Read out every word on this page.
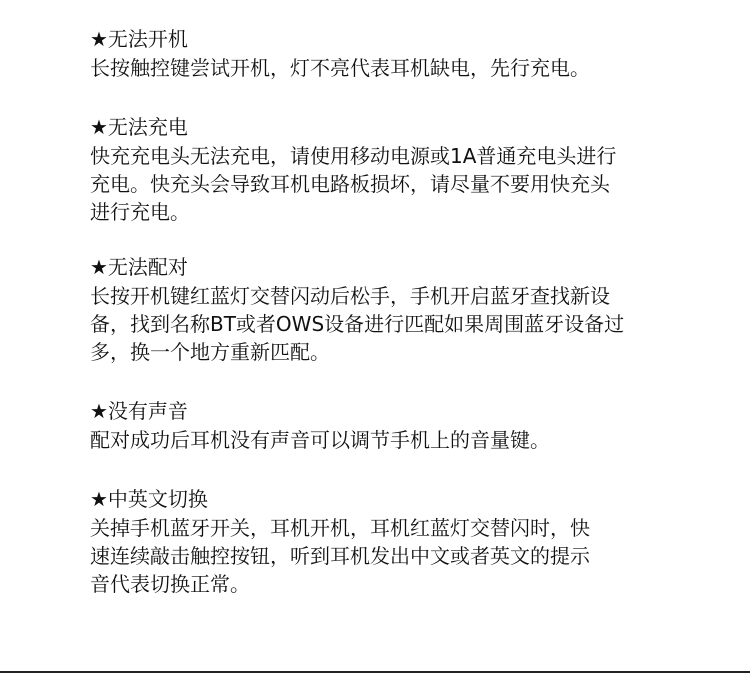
★无法开机
长按触控键尝试开机，灯不亮代表耳机缺电，先行充电。
★无法充电
快充充电头无法充电，请使用移动电源或1A普通充电头进行
充电。快充头会导致耳机电路板损坏，请尽量不要用快充头
进行充电。
★无法配对
长按开机键红蓝灯交替闪动后松手，手机开启蓝牙查找新设
备，找到名称BT或者OWS设备进行匹配如果周围蓝牙设备过
多，换一个地方重新匹配。
★没有声音
配对成功后耳机没有声音可以调节手机上的音量键。
★中英文切换
关掉手机蓝牙开关，耳机开机，耳机红蓝灯交替闪时，快
速连续敲击触控按钮，听到耳机发出中文或者英文的提示
音代表切换正常。
